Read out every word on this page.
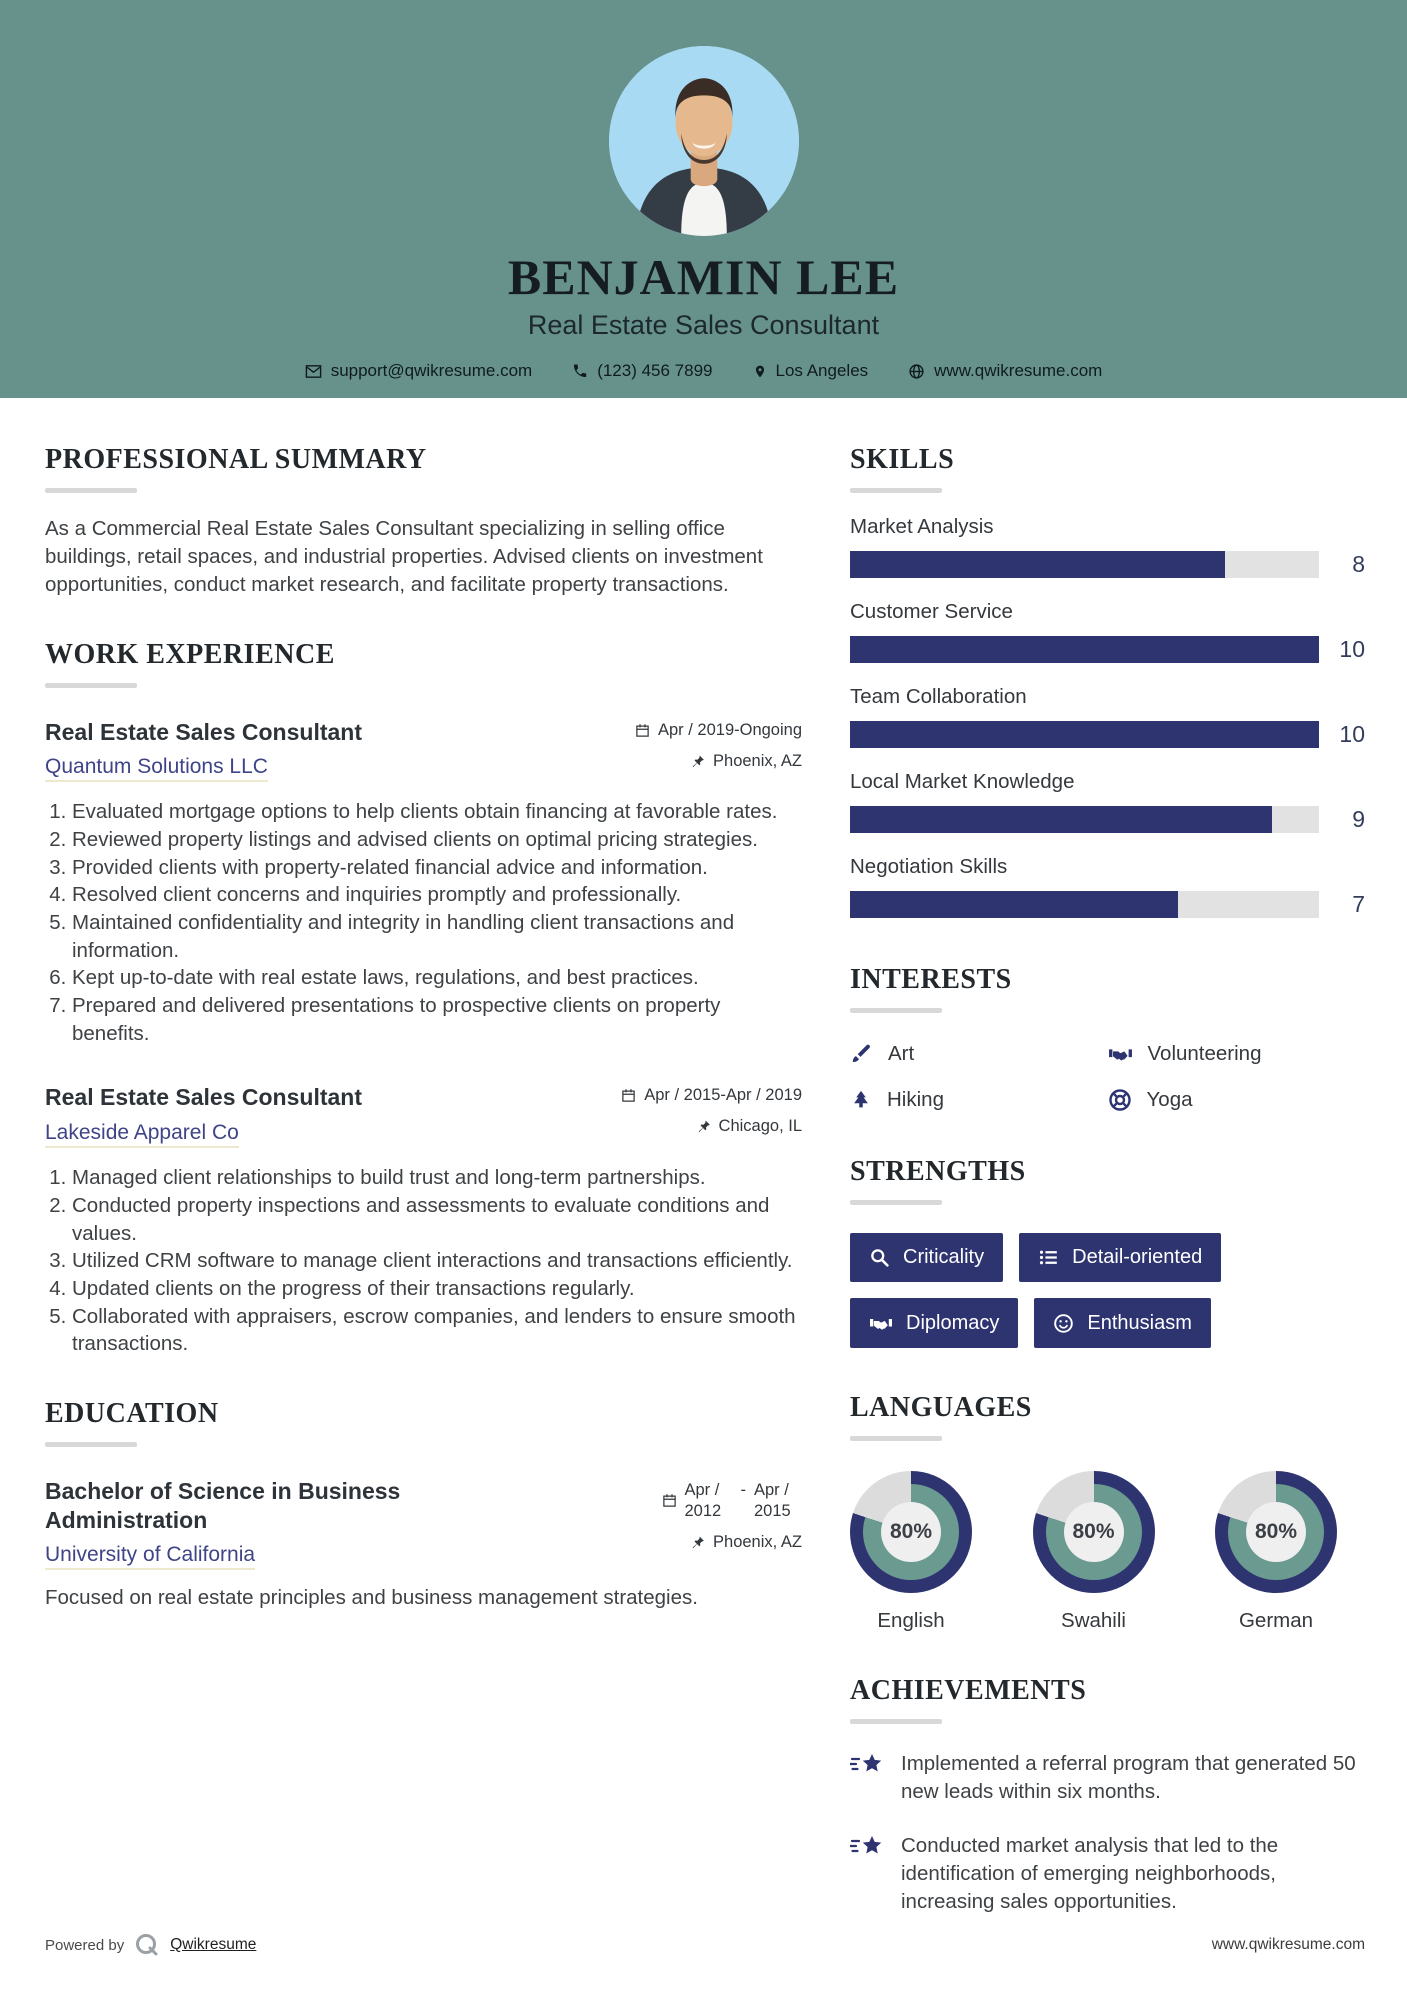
BENJAMIN LEE
Real Estate Sales Consultant
support@qwikresume.com	(123) 456 7899	Los Angeles	www.qwikresume.com
PROFESSIONAL SUMMARY

As a Commercial Real Estate Sales Consultant specializing in selling office buildings, retail spaces, and industrial properties. Advised clients on investment opportunities, conduct market research, and facilitate property transactions.

WORK EXPERIENCE
Real Estate Sales Consultant
Quantum Solutions LLC
Apr / 2019-Ongoing
Phoenix, AZ
1. Evaluated mortgage options to help clients obtain financing at favorable rates.
2. Reviewed property listings and advised clients on optimal pricing strategies.
3. Provided clients with property-related financial advice and information.
4. Resolved client concerns and inquiries promptly and professionally.
5. Maintained confidentiality and integrity in handling client transactions and information.
6. Kept up-to-date with real estate laws, regulations, and best practices.
7. Prepared and delivered presentations to prospective clients on property benefits.
Real Estate Sales Consultant
Lakeside Apparel Co
Apr / 2015-Apr / 2019
Chicago, IL
1. Managed client relationships to build trust and long-term partnerships.
2. Conducted property inspections and assessments to evaluate conditions and values.
3. Utilized CRM software to manage client interactions and transactions efficiently.
4. Updated clients on the progress of their transactions regularly.
5. Collaborated with appraisers, escrow companies, and lenders to ensure smooth transactions.
EDUCATION
Bachelor of Science in Business Administration
University of California
Apr / 2012
- Apr / 2015
Phoenix, AZ

Focused on real estate principles and business management strategies.

SKILLS
Market Analysis
8
Customer Service
10
Team Collaboration
10
Local Market Knowledge
9
Negotiation Skills
7
INTERESTS
Art	Volunteering
Hiking	Yoga
STRENGTHS
Criticality	Detail-oriented
Diplomacy	Enthusiasm
LANGUAGES
80%
English
80%
Swahili
80%
German
ACHIEVEMENTS
Implemented a referral program that generated 50 new leads within six months.
Conducted market analysis that led to the identification of emerging neighborhoods, increasing sales opportunities.
Powered by	Qwikresume	www.qwikresume.com
